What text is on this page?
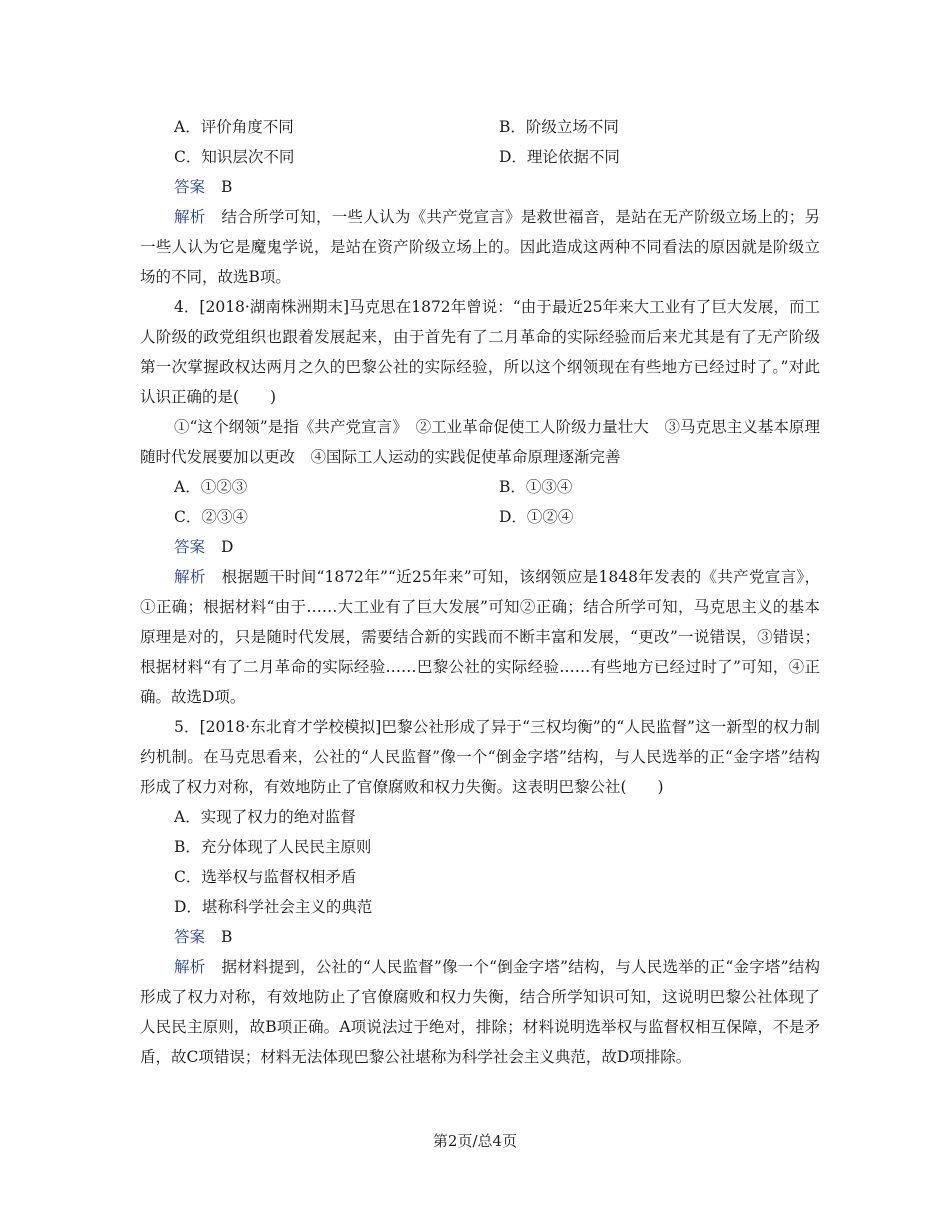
A．评价角度不同	B．阶级立场不同
C．知识层次不同	D．理论依据不同
答案 B
解析 结合所学可知，一些人认为《共产党宣言》是救世福音，是站在无产阶级立场上的；另一些人认为它是魔鬼学说，是站在资产阶级立场上的。因此造成这两种不同看法的原因就是阶级立场的不同，故选B项。
4．[2018·湖南株洲期末]马克思在1872年曾说：“由于最近25年来大工业有了巨大发展，而工人阶级的政党组织也跟着发展起来，由于首先有了二月革命的实际经验而后来尤其是有了无产阶级第一次掌握政权达两月之久的巴黎公社的实际经验，所以这个纲领现在有些地方已经过时了。”对此认识正确的是(　　)
①“这个纲领”是指《共产党宣言》　②工业革命促使工人阶级力量壮大　③马克思主义基本原理随时代发展要加以更改　④国际工人运动的实践促使革命原理逐渐完善
A．①②③	B．①③④
C．②③④	D．①②④
答案 D
解析 根据题干时间“1872年”“近25年来”可知，该纲领应是1848年发表的《共产党宣言》，①正确；根据材料“由于……大工业有了巨大发展”可知②正确；结合所学可知，马克思主义的基本原理是对的，只是随时代发展，需要结合新的实践而不断丰富和发展，“更改”一说错误，③错误；根据材料“有了二月革命的实际经验……巴黎公社的实际经验……有些地方已经过时了”可知，④正确。故选D项。
5．[2018·东北育才学校模拟]巴黎公社形成了异于“三权均衡”的“人民监督”这一新型的权力制约机制。在马克思看来，公社的“人民监督”像一个“倒金字塔”结构，与人民选举的正“金字塔”结构形成了权力对称，有效地防止了官僚腐败和权力失衡。这表明巴黎公社(　　)
A．实现了权力的绝对监督
B．充分体现了人民民主原则
C．选举权与监督权相矛盾
D．堪称科学社会主义的典范
答案 B
解析 据材料提到，公社的“人民监督”像一个“倒金字塔”结构，与人民选举的正“金字塔”结构形成了权力对称，有效地防止了官僚腐败和权力失衡，结合所学知识可知，这说明巴黎公社体现了人民民主原则，故B项正确。A项说法过于绝对，排除；材料说明选举权与监督权相互保障，不是矛盾，故C项错误；材料无法体现巴黎公社堪称为科学社会主义典范，故D项排除。
第2页/总4页
